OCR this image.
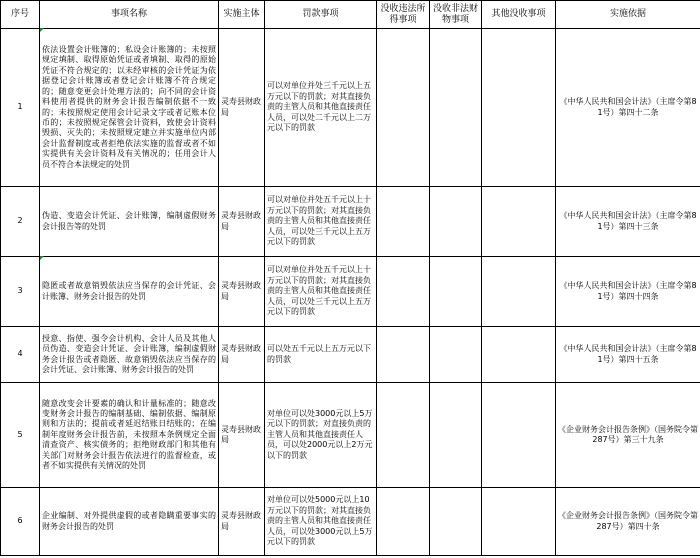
序号	事项名称	实施主体	罚款事项	没收违法所得事项	没收非法财物事项	其他没收事项	实施依据
1	依法设置会计账簿的；私设会计账簿的；未按照规定填制、取得原始凭证或者填制、取得的原始凭证不符合规定的；以未经审核的会计凭证为依据登记会计账簿或者登记会计账簿不符合规定的；随意变更会计处理方法的；向不同的会计资料使用者提供的财务会计报告编制依据不一致的；未按照规定使用会计记录文字或者记账本位币的；未按照规定保管会计资料，致使会计资料毁损、灭失的；未按照规定建立并实施单位内部会计监督制度或者拒绝依法实施的监督或者不如实提供有关会计资料及有关情况的；任用会计人员不符合本法规定的处罚	灵寿县财政局	可以对单位并处三千元以上五万元以下的罚款；对其直接负责的主管人员和其他直接责任人员，可以处二千元以上二万元以下的罚款				《中华人民共和国会计法》（主席令第81号）第四十二条
2	伪造、变造会计凭证、会计账簿，编制虚假财务会计报告等的处罚	灵寿县财政局	可以对单位并处五千元以上十万元以下的罚款；对其直接负责的主管人员和其他直接责任人员，可以处三千元以上五万元以下的罚款				《中华人民共和国会计法》（主席令第81号）第四十三条
3	隐匿或者故意销毁依法应当保存的会计凭证、会计账簿、财务会计报告的处罚	灵寿县财政局	可以对单位并处五千元以上十万元以下的罚款；对其直接负责的主管人员和其他直接责任人员，可以处三千元以上五万元以下的罚款				《中华人民共和国会计法》（主席令第81号）第四十四条
4	授意、指使、强令会计机构、会计人员及其他人员伪造、变造会计凭证、会计账簿，编制虚假财务会计报告或者隐匿、故意销毁依法应当保存的会计凭证、会计账簿、财务会计报告的处罚	灵寿县财政局	可以处五千元以上五万元以下的罚款				《中华人民共和国会计法》（主席令第81号）第四十五条
5	随意改变会计要素的确认和计量标准的；随意改变财务会计报告的编制基础、编制依据、编制原则和方法的；提前或者延迟结账日结账的；在编制年度财务会计报告前，未按照本条例规定全面清查资产、核实债务的；拒绝财政部门和其他有关部门对财务会计报告依法进行的监督检查，或者不如实提供有关情况的处罚	灵寿县财政局	对单位可以处3000元以上5万元以下的罚款；对直接负责的主管人员和其他直接责任人员，可以处2000元以上2万元以下的罚款				《企业财务会计报告条例》（国务院令第287号）第三十九条
6	企业编制、对外提供虚假的或者隐瞒重要事实的财务会计报告的处罚	灵寿县财政局	对单位可以处5000元以上10万元以下的罚款；对其直接负责的主管人员和其他直接责任人员，可以处3000元以上5万元以下的罚款				《企业财务会计报告条例》（国务院令第287号）第四十条
